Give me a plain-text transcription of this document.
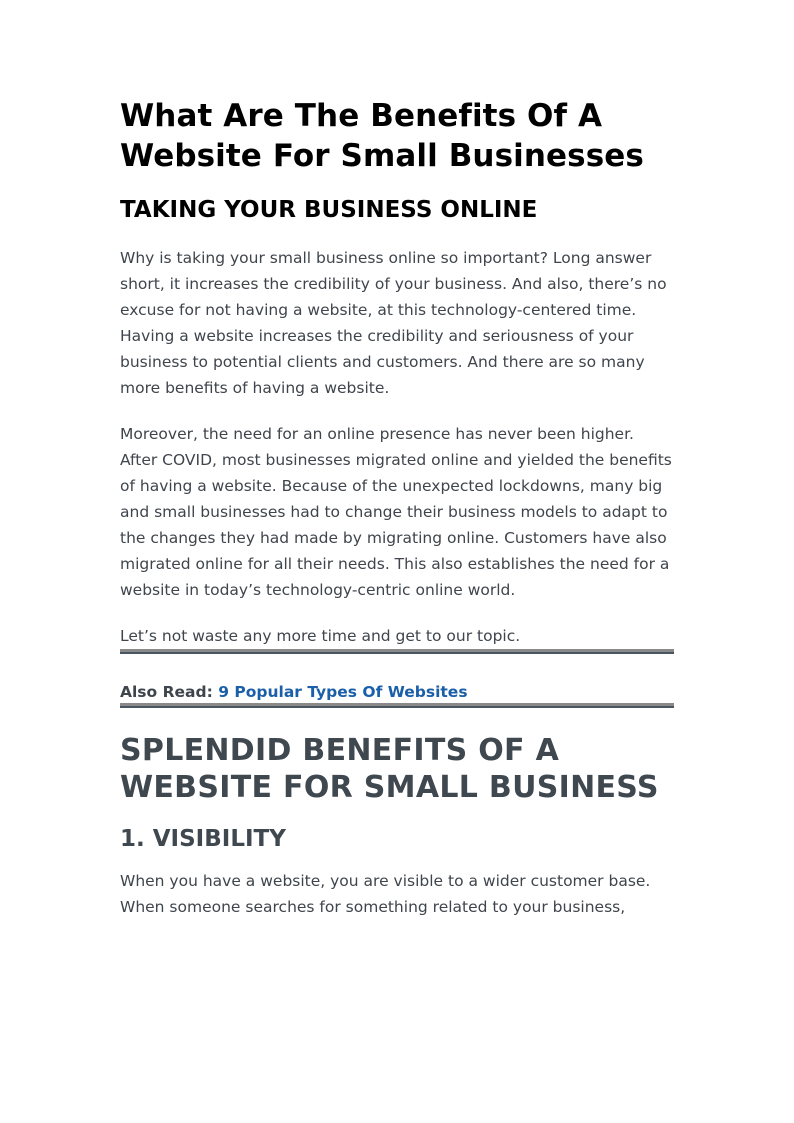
What Are The Benefits Of A Website For Small Businesses
TAKING YOUR BUSINESS ONLINE

Why is taking your small business online so important? Long answer short, it increases the credibility of your business. And also, there’s no excuse for not having a website, at this technology-centered time. Having a website increases the credibility and seriousness of your business to potential clients and customers. And there are so many more benefits of having a website.

Moreover, the need for an online presence has never been higher. After COVID, most businesses migrated online and yielded the benefits of having a website. Because of the unexpected lockdowns, many big and small businesses had to change their business models to adapt to the changes they had made by migrating online. Customers have also migrated online for all their needs. This also establishes the need for a website in today’s technology-centric online world.

Let’s not waste any more time and get to our topic.

Also Read: 9 Popular Types Of Websites

SPLENDID BENEFITS OF A WEBSITE FOR SMALL BUSINESS
1. VISIBILITY

When you have a website, you are visible to a wider customer base. When someone searches for something related to your business,
